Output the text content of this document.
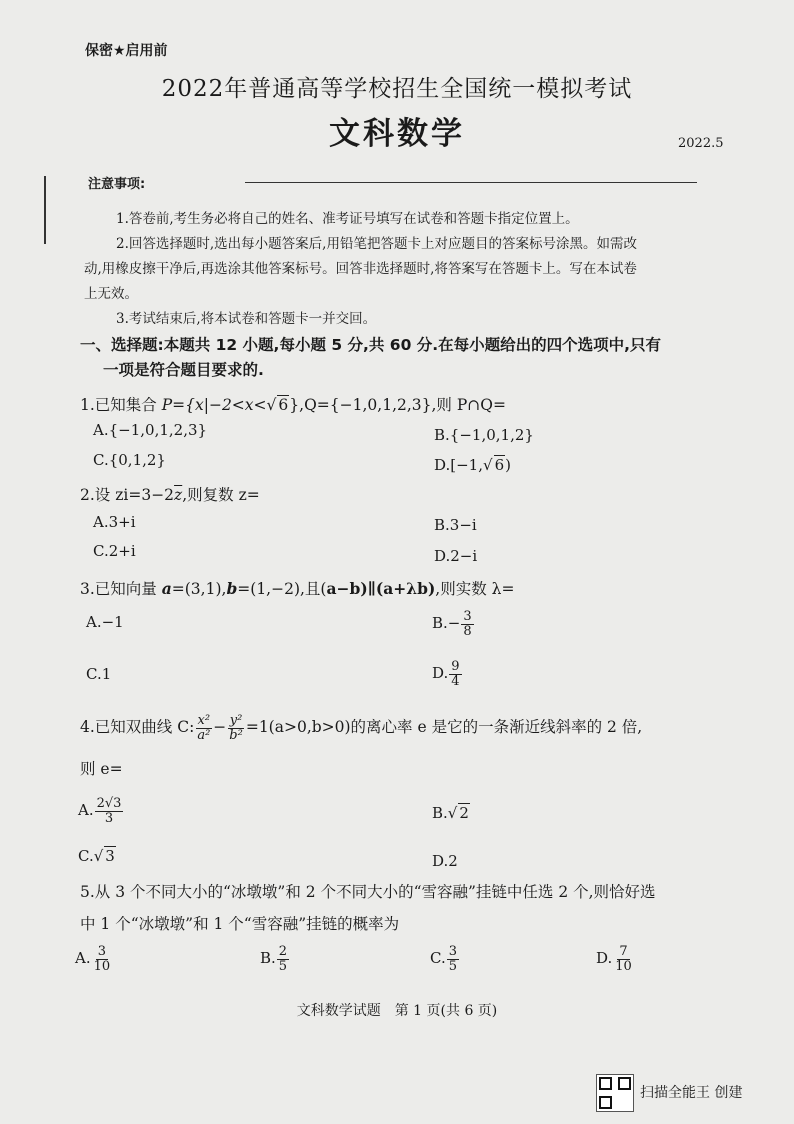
保密★启用前
2022年普通高等学校招生全国统一模拟考试
文科数学	2022.5
注意事项:
1.答卷前,考生务必将自己的姓名、准考证号填写在试卷和答题卡指定位置上。
2.回答选择题时,选出每小题答案后,用铅笔把答题卡上对应题目的答案标号涂黑。如需改
动,用橡皮擦干净后,再选涂其他答案标号。回答非选择题时,将答案写在答题卡上。写在本试卷
上无效。
3.考试结束后,将本试卷和答题卡一并交回。
一、选择题:本题共 12 小题,每小题 5 分,共 60 分.在每小题给出的四个选项中,只有
一项是符合题目要求的.
1.已知集合 P={x|−2<x<√ 6},Q={−1,0,1,2,3},则 P∩Q=
A.{−1,0,1,2,3}	B.{−1,0,1,2}
C.{0,1,2}	D.[−1,√ 6)
2.设 $zi=3-2\overline{z}$,则复数 z=
A.3+i	B.3−i
C.2+i	D.2−i
3.已知向量 a=(3,1),b=(1,−2),且(a−b)∥(a+λb),则实数 λ=
A.−1	$B.- \frac{3}{8}$
C.1	D. $\frac{9}{4}$
4.已知双曲线 C: $\frac{\text{x²}}{\text{a²}} - \frac{\text{y²}}{\text{b²}} =1(a>0,b>0)$的离心率 e 是它的一条渐近线斜率的 2 倍,
则 e=
A. $\frac{2√3}{3}$	B.√ 2
C.√ 3	D.2
5.从 3 个不同大小的“冰墩墩”和 2 个不同大小的“雪容融”挂链中任选 2 个,则恰好选
中 1 个“冰墩墩”和 1 个“雪容融”挂链的概率为
A. $\frac{3}{10}$	B. $\frac{2}{5}$	C. $\frac{3}{5}$	D. $\frac{7}{10}$
文科数学试题　第 1 页(共 6 页)
扫描全能王 创建
